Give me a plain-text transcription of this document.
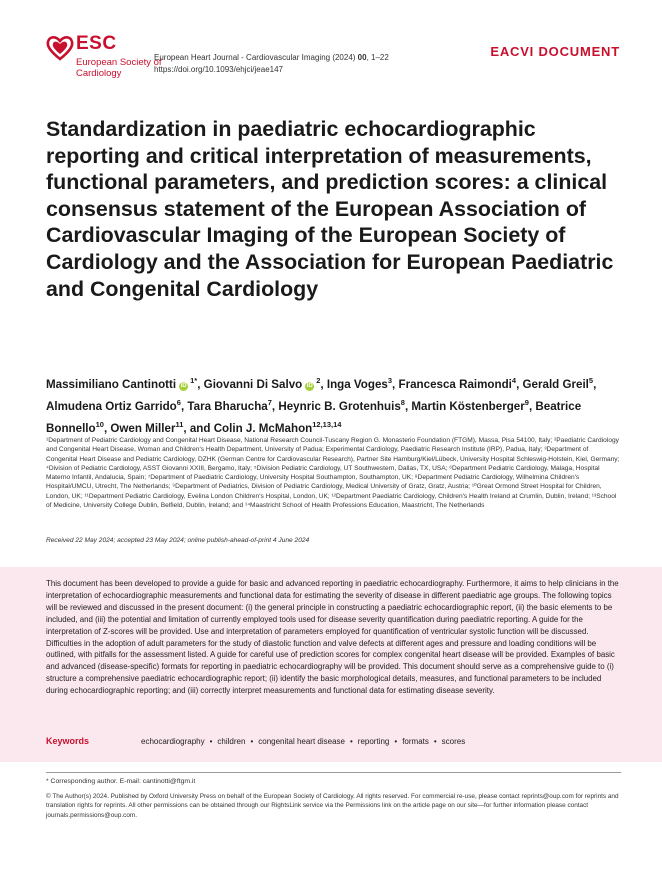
ESC
European Society of Cardiology
European Heart Journal - Cardiovascular Imaging (2024) 00, 1–22
https://doi.org/10.1093/ehjci/jeae147
EACVI DOCUMENT
Standardization in paediatric echocardiographic reporting and critical interpretation of measurements, functional parameters, and prediction scores: a clinical consensus statement of the European Association of Cardiovascular Imaging of the European Society of Cardiology and the Association for European Paediatric and Congenital Cardiology

Massimiliano Cantinotti $iD^{1*}$, Giovanni Di Salvo $iD^2$, Inga Voges$^3$, Francesca Raimondi$^4$, Gerald Greil$^5$, Almudena Ortiz Garrido$^6$, Tara Bharucha$^7$, Heynric B. Grotenhuis$^8$, Martin Köstenberger$^9$, Beatrice Bonnello$^{10}$, Owen Miller$^{11}$, and Colin J. McMahon$^{12,13,14}$

¹Department of Pediatric Cardiology and Congenital Heart Disease, National Research Council-Tuscany Region G. Monasterio Foundation (FTGM), Massa, Pisa 54100, Italy; ²Paediatric Cardiology and Congenital Heart Disease, Woman and Children's Health Department, University of Padua; Experimental Cardiology, Paediatric Research Institute (IRP), Padua, Italy; ³Department of Congenital Heart Disease and Pediatric Cardiology, DZHK (German Centre for Cardiovascular Research), Partner Site Hamburg/Kiel/Lübeck, University Hospital Schleswig-Holstein, Kiel, Germany; ⁴Division of Pediatric Cardiology, ASST Giovanni XXIII, Bergamo, Italy; ⁵Division Pediatric Cardiology, UT Southwestern, Dallas, TX, USA; ⁶Department Pediatric Cardiology, Malaga, Hospital Materno Infantil, Andalucia, Spain; ⁷Department of Paediatric Cardiology, University Hospital Southampton, Southampton, UK; ⁸Department Pediatric Cardiology, Wilhelmina Children's Hospital/UMCU, Utrecht, The Netherlands; ⁹Department of Pediatrics, Division of Pediatric Cardiology, Medical University of Gratz, Gratz, Austria; ¹⁰Great Ormond Street Hospital for Children, London, UK; ¹¹Department Pediatric Cardiology, Evelina London Children's Hospital, London, UK; ¹²Department Paediatric Cardiology, Children's Health Ireland at Crumlin, Dublin, Ireland; ¹³School of Medicine, University College Dublin, Belfield, Dublin, Ireland; and ¹⁴Maastricht School of Health Professions Education, Maastricht, The Netherlands

Received 22 May 2024; accepted 23 May 2024; online publish-ahead-of-print 4 June 2024

This document has been developed to provide a guide for basic and advanced reporting in paediatric echocardiography. Furthermore, it aims to help clinicians in the interpretation of echocardiographic measurements and functional data for estimating the severity of disease in different paediatric age groups. The following topics will be reviewed and discussed in the present document: (i) the general principle in constructing a paediatric echocardiographic report, (ii) the basic elements to be included, and (iii) the potential and limitation of currently employed tools used for disease severity quantification during paediatric reporting. A guide for the interpretation of Z-scores will be provided. Use and interpretation of parameters employed for quantification of ventricular systolic function will be discussed. Difficulties in the adoption of adult parameters for the study of diastolic function and valve defects at different ages and pressure and loading conditions will be outlined, with pitfalls for the assessment listed. A guide for careful use of prediction scores for complex congenital heart disease will be provided. Examples of basic and advanced (disease-specific) formats for reporting in paediatric echocardiography will be provided. This document should serve as a comprehensive guide to (i) structure a comprehensive paediatric echocardiographic report; (ii) identify the basic morphological details, measures, and functional parameters to be included during echocardiographic reporting; and (iii) correctly interpret measurements and functional data for estimating disease severity.

Keywords	echocardiography • children • congenital heart disease • reporting • formats • scores
* Corresponding author. E-mail: cantinotti@ftgm.it

© The Author(s) 2024. Published by Oxford University Press on behalf of the European Society of Cardiology. All rights reserved. For commercial re-use, please contact reprints@oup.com for reprints and translation rights for reprints. All other permissions can be obtained through our RightsLink service via the Permissions link on the article page on our site—for further information please contact journals.permissions@oup.com.
